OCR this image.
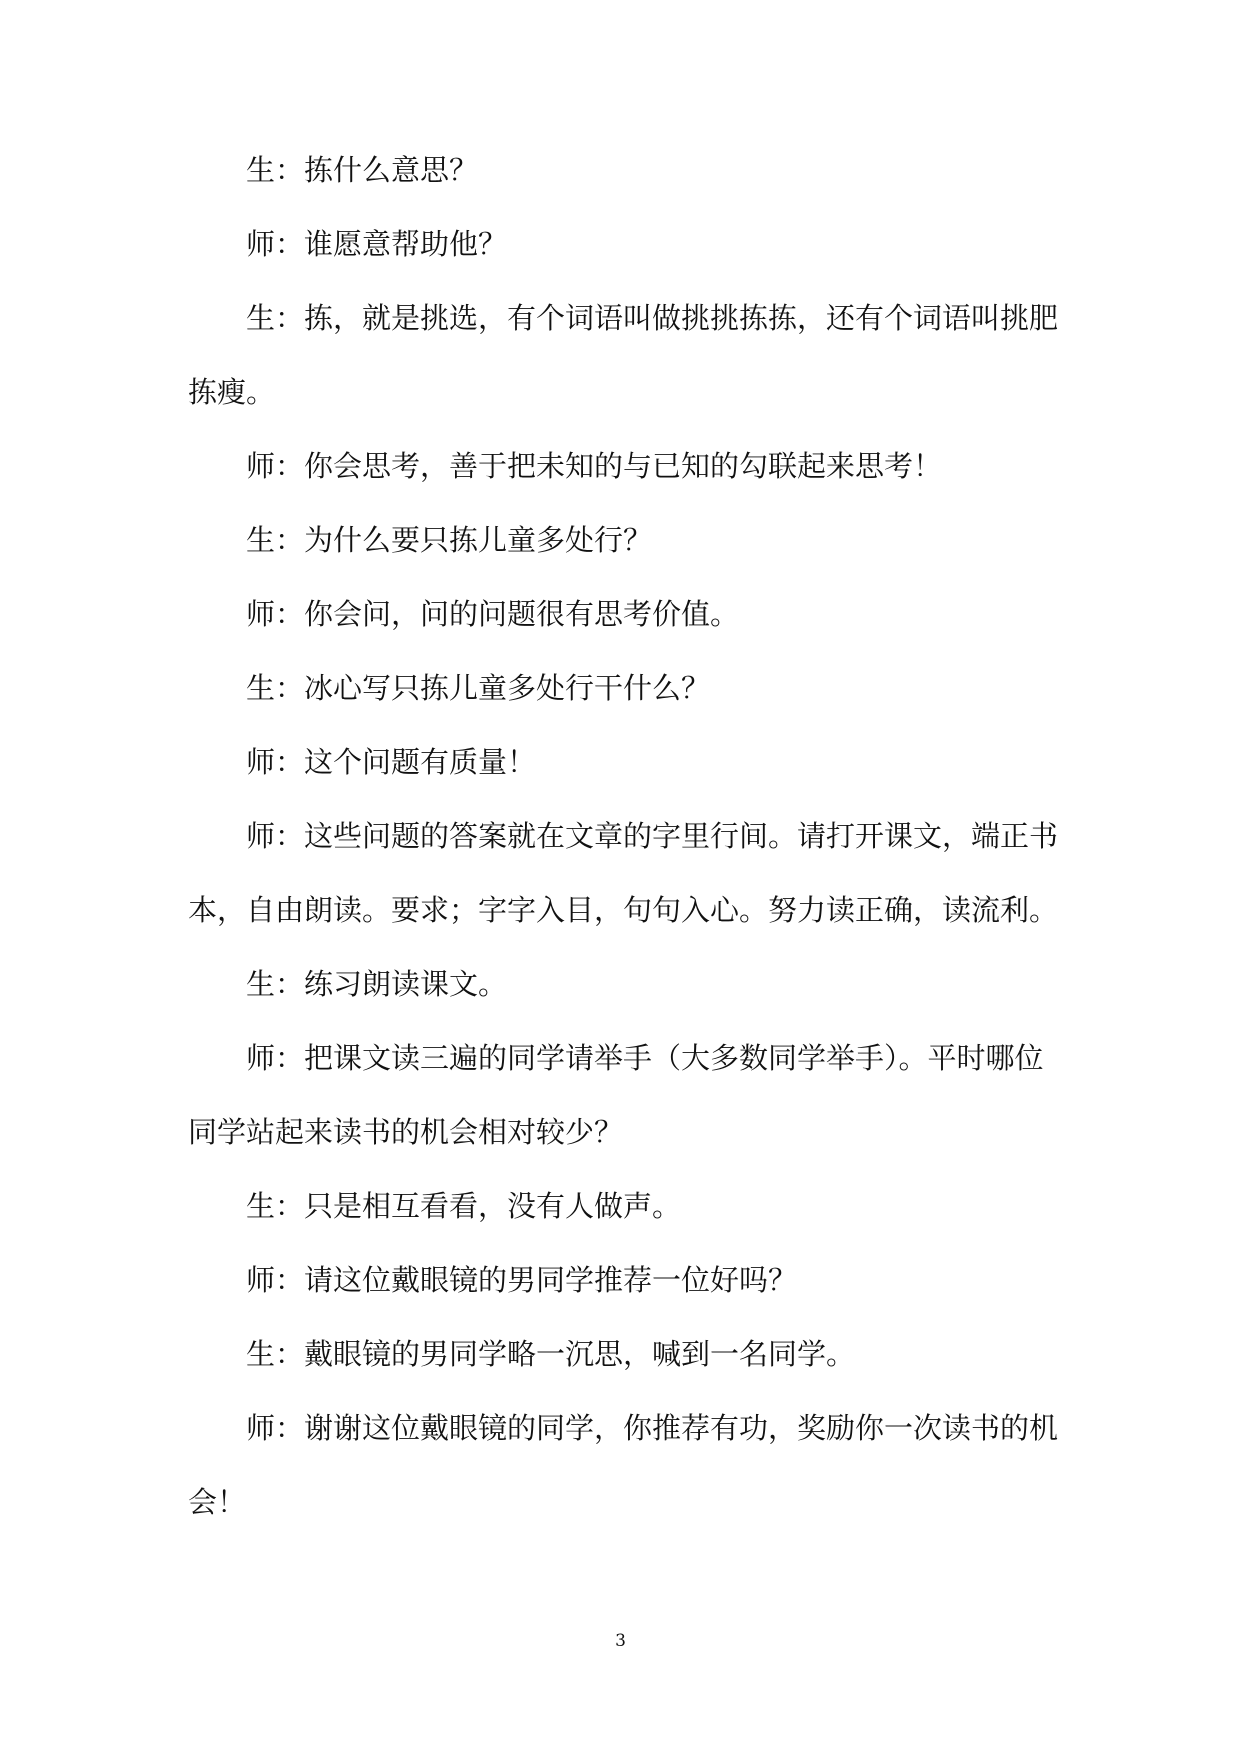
生：拣什么意思？
师：谁愿意帮助他？
生：拣，就是挑选，有个词语叫做挑挑拣拣，还有个词语叫挑肥
拣瘦。
师：你会思考，善于把未知的与已知的勾联起来思考！
生：为什么要只拣儿童多处行？
师：你会问，问的问题很有思考价值。
生：冰心写只拣儿童多处行干什么？
师：这个问题有质量！
师：这些问题的答案就在文章的字里行间。请打开课文，端正书
本，自由朗读。要求；字字入目，句句入心。努力读正确，读流利。
生：练习朗读课文。
师：把课文读三遍的同学请举手（大多数同学举手）。平时哪位
同学站起来读书的机会相对较少？
生：只是相互看看，没有人做声。
师：请这位戴眼镜的男同学推荐一位好吗？
生：戴眼镜的男同学略一沉思，喊到一名同学。
师：谢谢这位戴眼镜的同学，你推荐有功，奖励你一次读书的机
会！
3
